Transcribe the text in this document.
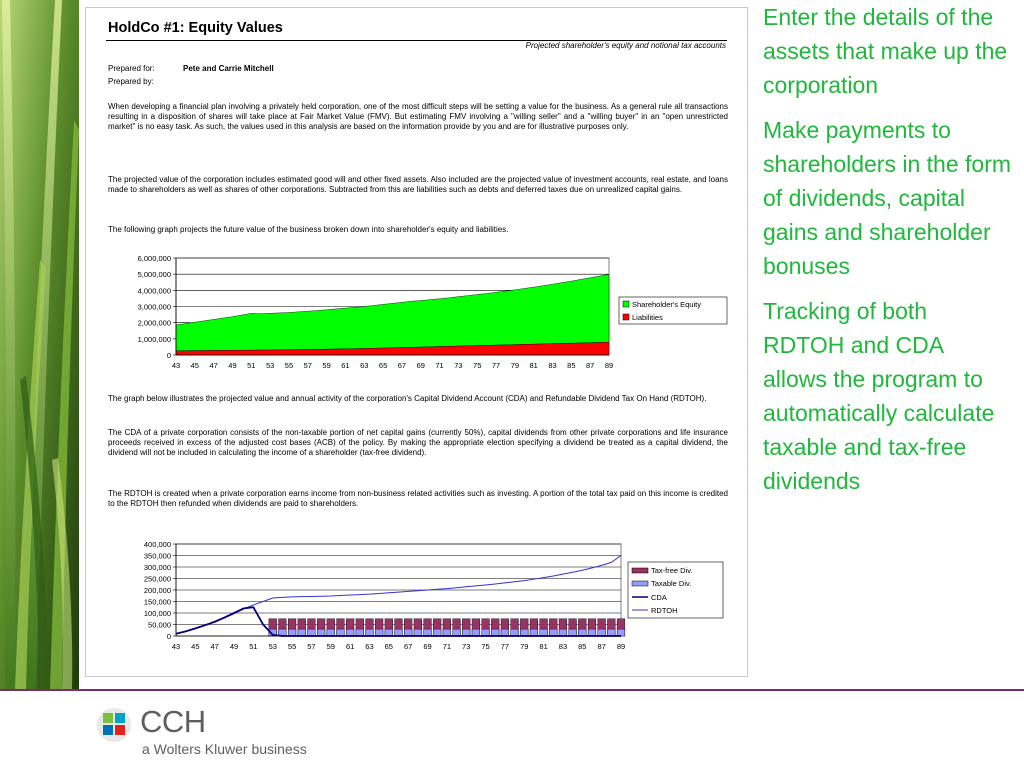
HoldCo #1: Equity Values
Projected shareholder's equity and notional tax accounts
Prepared for:	Pete and Carrie Mitchell
Prepared by:

When developing a financial plan involving a privately held corporation, one of the most difficult steps will be setting a value for the business. As a general rule all transactions resulting in a disposition of shares will take place at Fair Market Value (FMV). But estimating FMV involving a "willing seller" and a "willing buyer" in an "open unrestricted market" is no easy task. As such, the values used in this analysis are based on the information provide by you and are for illustrative purposes only.

The projected value of the corporation includes estimated good will and other fixed assets. Also included are the projected value of investment accounts, real estate, and loans made to shareholders as well as shares of other corporations. Subtracted from this are liabilities such as debts and deferred taxes due on unrealized capital gains.

The following graph projects the future value of the business broken down into shareholder's equity and liabilities.

0
1,000,000
2,000,000
3,000,000
4,000,000
5,000,000
6,000,000
43 45 47 49 51 53 55 57 59 61 63 65 67 69 71 73 75 77 79 81 83 85 87 89
Shareholder's Equity
Liabilities

The graph below illustrates the projected value and annual activity of the corporation's Capital Dividend Account (CDA) and Refundable Dividend Tax On Hand (RDTOH).

The CDA of a private corporation consists of the non-taxable portion of net capital gains (currently 50%), capital dividends from other private corporations and life insurance proceeds received in excess of the adjusted cost bases (ACB) of the policy. By making the appropriate election specifying a dividend be treated as a capital dividend, the dividend will not be included in calculating the income of a shareholder (tax-free dividend).

The RDTOH is created when a private corporation earns income from non-business related activities such as investing. A portion of the total tax paid on this income is credited to the RDTOH then refunded when dividends are paid to shareholders.

0
50,000
100,000
150,000
200,000
250,000
300,000
350,000
400,000
43 45 47 49 51 53 55 57 59 61 63 65 67 69 71 73 75 77 79 81 83 85 87 89
Tax-free Div.
Taxable Div.
CDA
RDTOH

Enter the details of the assets that make up the corporation
Make payments to shareholders in the form of dividends, capital gains and shareholder bonuses
Tracking of both RDTOH and CDA allows the program to automatically calculate taxable and tax-free dividends

CCH
a Wolters Kluwer business
